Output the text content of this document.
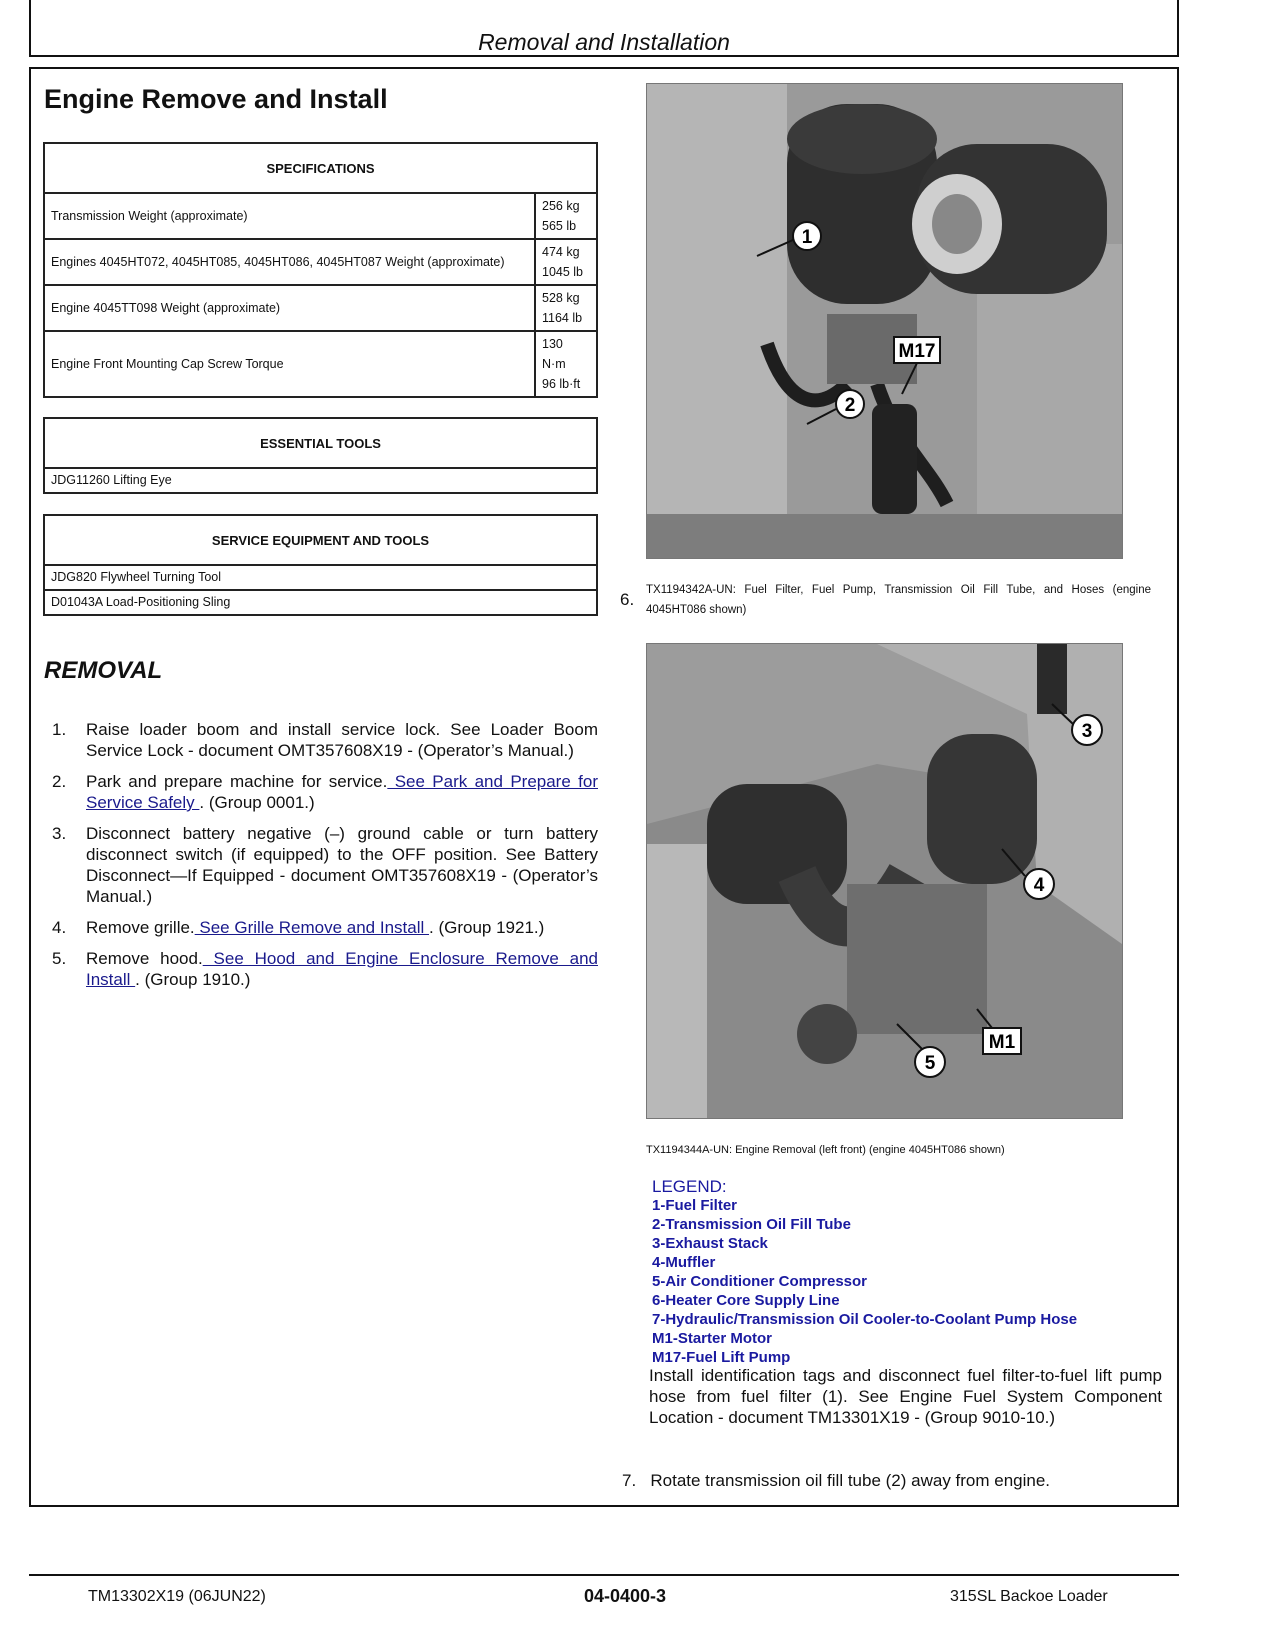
Removal and Installation
Engine Remove and Install
SPECIFICATIONS	
Transmission Weight (approximate)	256 kg
565 lb
Engines 4045HT072, 4045HT085, 4045HT086, 4045HT087 Weight (approximate)	474 kg
1045 lb
Engine 4045TT098 Weight (approximate)	528 kg
1164 lb
Engine Front Mounting Cap Screw Torque	130
N·m
96 lb·ft
ESSENTIAL TOOLS
JDG11260 Lifting Eye
SERVICE EQUIPMENT AND TOOLS
JDG820 Flywheel Turning Tool
D01043A Load-Positioning Sling
REMOVAL
1. Raise loader boom and install service lock. See Loader Boom Service Lock - document OMT357608X19 - (Operator’s Manual.)
2. Park and prepare machine for service. See Park and Prepare for Service Safely . (Group 0001.)
3. Disconnect battery negative (–) ground cable or turn battery disconnect switch (if equipped) to the OFF position. See Battery Disconnect—If Equipped - document OMT357608X19 - (Operator’s Manual.)
4. Remove grille. See Grille Remove and Install . (Group 1921.)
5. Remove hood. See Hood and Engine Enclosure Remove and Install . (Group 1910.)
1
2
M17
6. TX1194342A-UN: Fuel Filter, Fuel Pump, Transmission Oil Fill Tube, and Hoses (engine 4045HT086 shown)
3
4
5
M1
TX1194344A-UN: Engine Removal (left front) (engine 4045HT086 shown)
LEGEND:
1-Fuel Filter
2-Transmission Oil Fill Tube
3-Exhaust Stack
4-Muffler
5-Air Conditioner Compressor
6-Heater Core Supply Line
7-Hydraulic/Transmission Oil Cooler-to-Coolant Pump Hose
M1-Starter Motor
M17-Fuel Lift Pump
Install identification tags and disconnect fuel filter-to-fuel lift pump hose from fuel filter (1). See Engine Fuel System Component Location - document TM13301X19 - (Group 9010-10.)
7. Rotate transmission oil fill tube (2) away from engine.
TM13302X19 (06JUN22)	04-0400-3	315SL Backoe Loader
